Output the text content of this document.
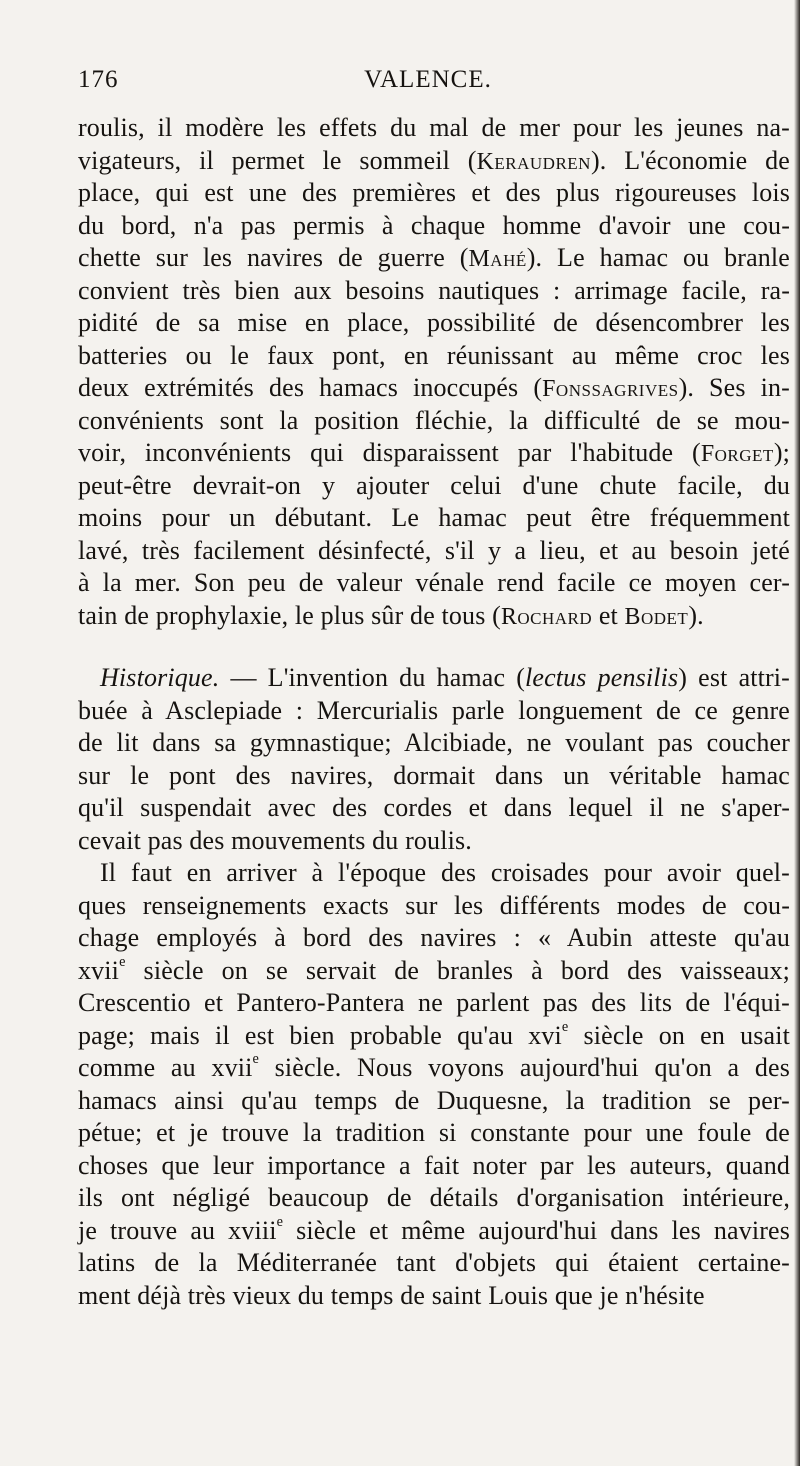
176	VALENCE.
roulis, il modère les effets du mal de mer pour les jeunes na-
vigateurs, il permet le sommeil (Keraudren). L'économie de
place, qui est une des premières et des plus rigoureuses lois
du bord, n'a pas permis à chaque homme d'avoir une cou-
chette sur les navires de guerre (Mahé). Le hamac ou branle
convient très bien aux besoins nautiques : arrimage facile, ra-
pidité de sa mise en place, possibilité de désencombrer les
batteries ou le faux pont, en réunissant au même croc les
deux extrémités des hamacs inoccupés (Fonssagrives). Ses in-
convénients sont la position fléchie, la difficulté de se mou-
voir, inconvénients qui disparaissent par l'habitude (Forget);
peut-être devrait-on y ajouter celui d'une chute facile, du
moins pour un débutant. Le hamac peut être fréquemment
lavé, très facilement désinfecté, s'il y a lieu, et au besoin jeté
à la mer. Son peu de valeur vénale rend facile ce moyen cer-
tain de prophylaxie, le plus sûr de tous (Rochard et Bodet).
Historique. — L'invention du hamac (lectus pensilis) est attri-
buée à Asclepiade : Mercurialis parle longuement de ce genre
de lit dans sa gymnastique; Alcibiade, ne voulant pas coucher
sur le pont des navires, dormait dans un véritable hamac
qu'il suspendait avec des cordes et dans lequel il ne s'aper-
cevait pas des mouvements du roulis.
Il faut en arriver à l'époque des croisades pour avoir quel-
ques renseignements exacts sur les différents modes de cou-
chage employés à bord des navires : « Aubin atteste qu'au
xvii$^e$ siècle on se servait de branles à bord des vaisseaux;
Crescentio et Pantero-Pantera ne parlent pas des lits de l'équi-
page; mais il est bien probable qu'au xvi$^e$ siècle on en usait
comme au xvii$^e$ siècle. Nous voyons aujourd'hui qu'on a des
hamacs ainsi qu'au temps de Duquesne, la tradition se per-
pétue; et je trouve la tradition si constante pour une foule de
choses que leur importance a fait noter par les auteurs, quand
ils ont négligé beaucoup de détails d'organisation intérieure,
je trouve au xviii$^e$ siècle et même aujourd'hui dans les navires
latins de la Méditerranée tant d'objets qui étaient certaine-
ment déjà très vieux du temps de saint Louis que je n'hésite
